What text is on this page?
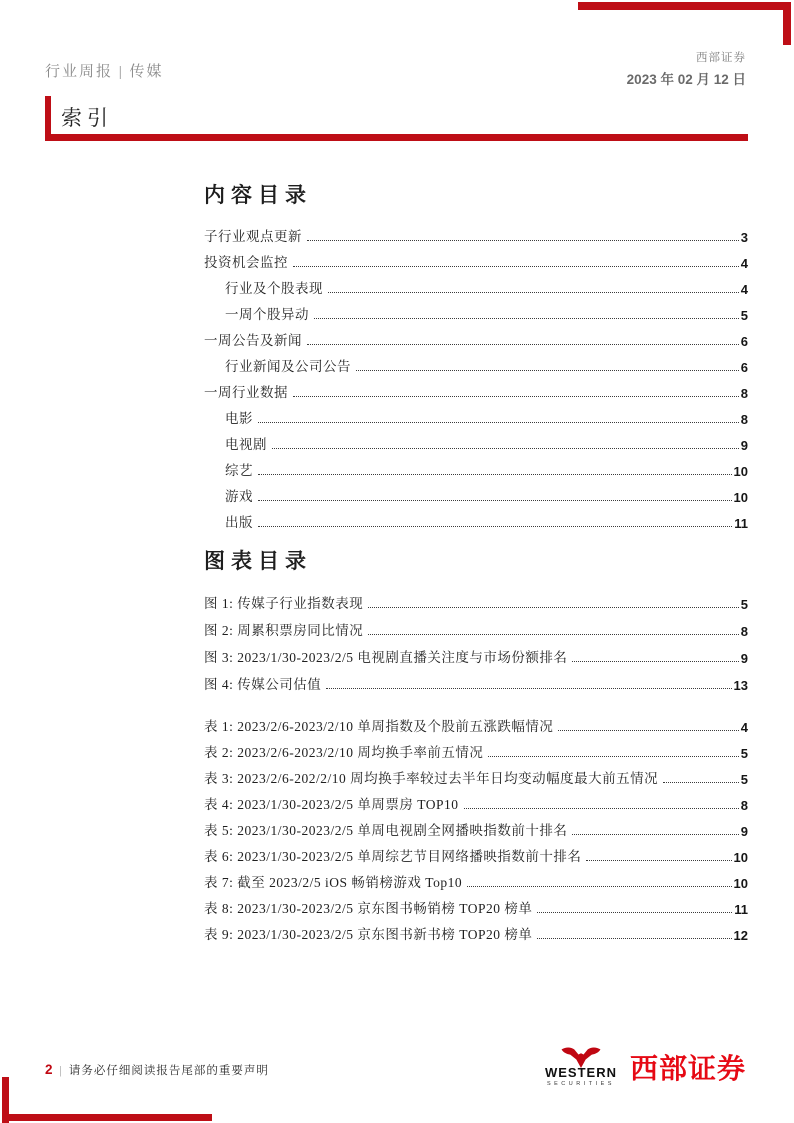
行业周报 | 传媒
西部证券
2023 年 02 月 12 日
索引
内容目录
子行业观点更新	3
投资机会监控	4
行业及个股表现	4
一周个股异动	5
一周公告及新闻	6
行业新闻及公司公告	6
一周行业数据	8
电影	8
电视剧	9
综艺	10
游戏	10
出版	11
图表目录
图 1: 传媒子行业指数表现	5
图 2: 周累积票房同比情况	8
图 3: 2023/1/30-2023/2/5 电视剧直播关注度与市场份额排名	9
图 4: 传媒公司估值	13
表 1: 2023/2/6-2023/2/10 单周指数及个股前五涨跌幅情况	4
表 2: 2023/2/6-2023/2/10 周均换手率前五情况	5
表 3: 2023/2/6-202/2/10 周均换手率较过去半年日均变动幅度最大前五情况	5
表 4: 2023/1/30-2023/2/5 单周票房 TOP10	8
表 5: 2023/1/30-2023/2/5 单周电视剧全网播映指数前十排名	9
表 6: 2023/1/30-2023/2/5 单周综艺节目网络播映指数前十排名	10
表 7: 截至 2023/2/5 iOS 畅销榜游戏 Top10	10
表 8: 2023/1/30-2023/2/5 京东图书畅销榜 TOP20 榜单	11
表 9: 2023/1/30-2023/2/5 京东图书新书榜 TOP20 榜单	12
2 | 请务必仔细阅读报告尾部的重要声明	WESTERN
SECURITIES
西部证券
